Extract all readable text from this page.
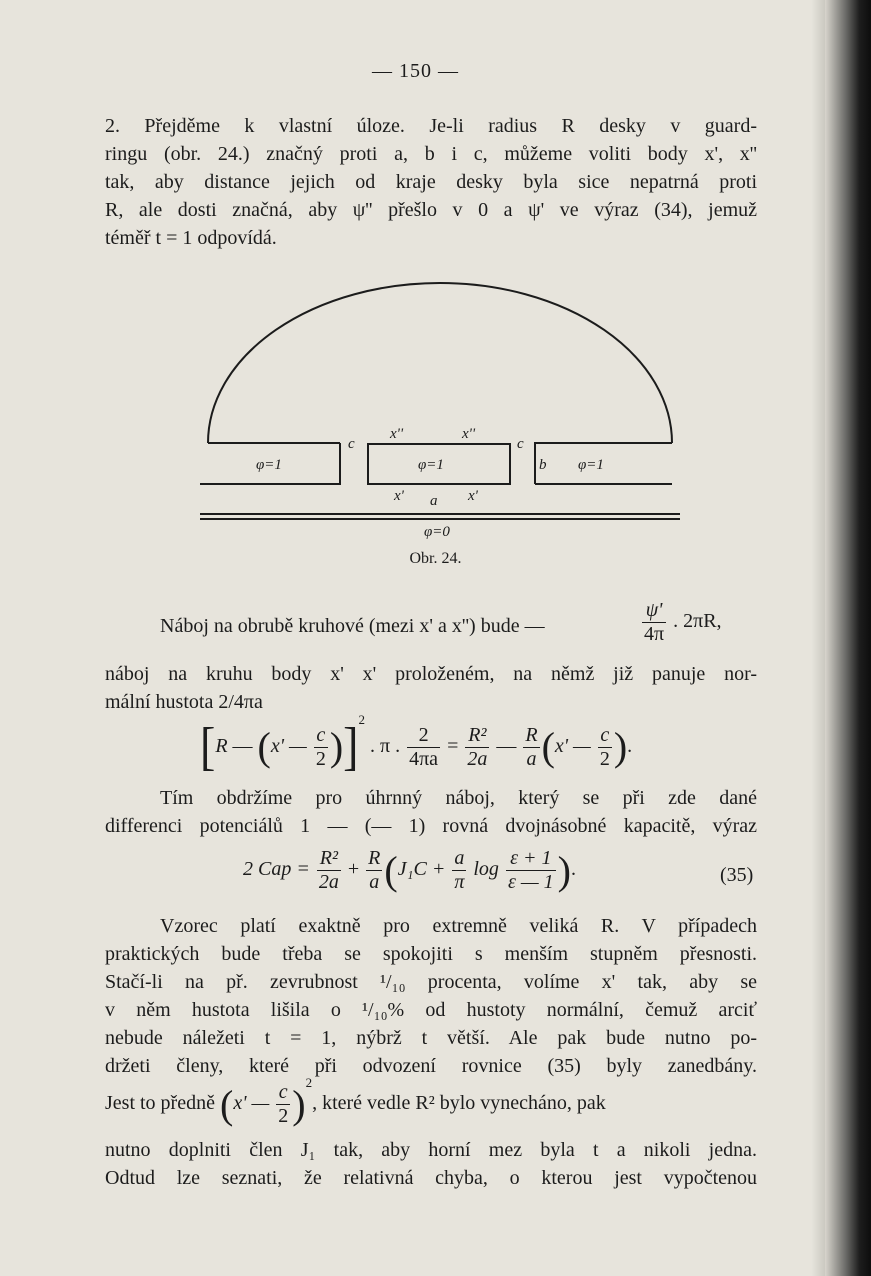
— 150 —
2. Přejděme k vlastní úloze. Je-li radius R desky v guard-
ringu (obr. 24.) značný proti a, b i c, můžeme voliti body x', x''
tak, aby distance jejich od kraje desky byla sice nepatrná proti
R, ale dosti značná, aby ψ'' přešlo v 0 a ψ' ve výraz (34), jemuž
téměř t = 1 odpovídá.
φ=1	φ=1	φ=1
c	c
x''	x''
x'	x'
a
b
φ=0
Obr. 24.
Náboj na obrubě kruhové (mezi x' a x'') bude —	$\frac{\psi'}{4\pi}$ . 2πR,
náboj na kruhu body x' x' proloženém, na němž již panuje nor-
mální hustota 2/4πa
[R — (x' — $\frac{c}{2} )]^2$ . π . $\frac{2}{4\pi a} = \frac{\text{R²}}{2a}$ — $\frac{R}{a} (x'$ — $\frac{c}{2}$ ).
Tím obdržíme pro úhrnný náboj, který se při zde dané
differenci potenciálů 1 — (— 1) rovná dvojnásobné kapacitě, výraz
2 Cap = $\frac{\text{R²}}{2a} + \frac{R}{a} (J_1C + \frac{a}{\pi}$ $\log \frac{\varepsilon + 1}{\varepsilon — 1}$ ).	(35)
Vzorec platí exaktně pro extremně veliká R. V případech
praktických bude třeba se spokojiti s menším stupněm přesnosti.
Stačí-li na př. zevrubnost ¹/₁₀ procenta, volíme x' tak, aby se
v něm hustota lišila o ¹/₁₀% od hustoty normální, čemuž arciť
nebude náležeti t = 1, nýbrž t větší. Ale pak bude nutno po-
držeti členy, které při odvození rovnice (35) byly zanedbány.
Jest to předně (x' — $\frac{c}{2} )^2$, které vedle R² bylo vynecháno, pak
nutno doplniti člen J₁ tak, aby horní mez byla t a nikoli jedna.
Odtud lze seznati, že relativná chyba, o kterou jest vypočtenou
